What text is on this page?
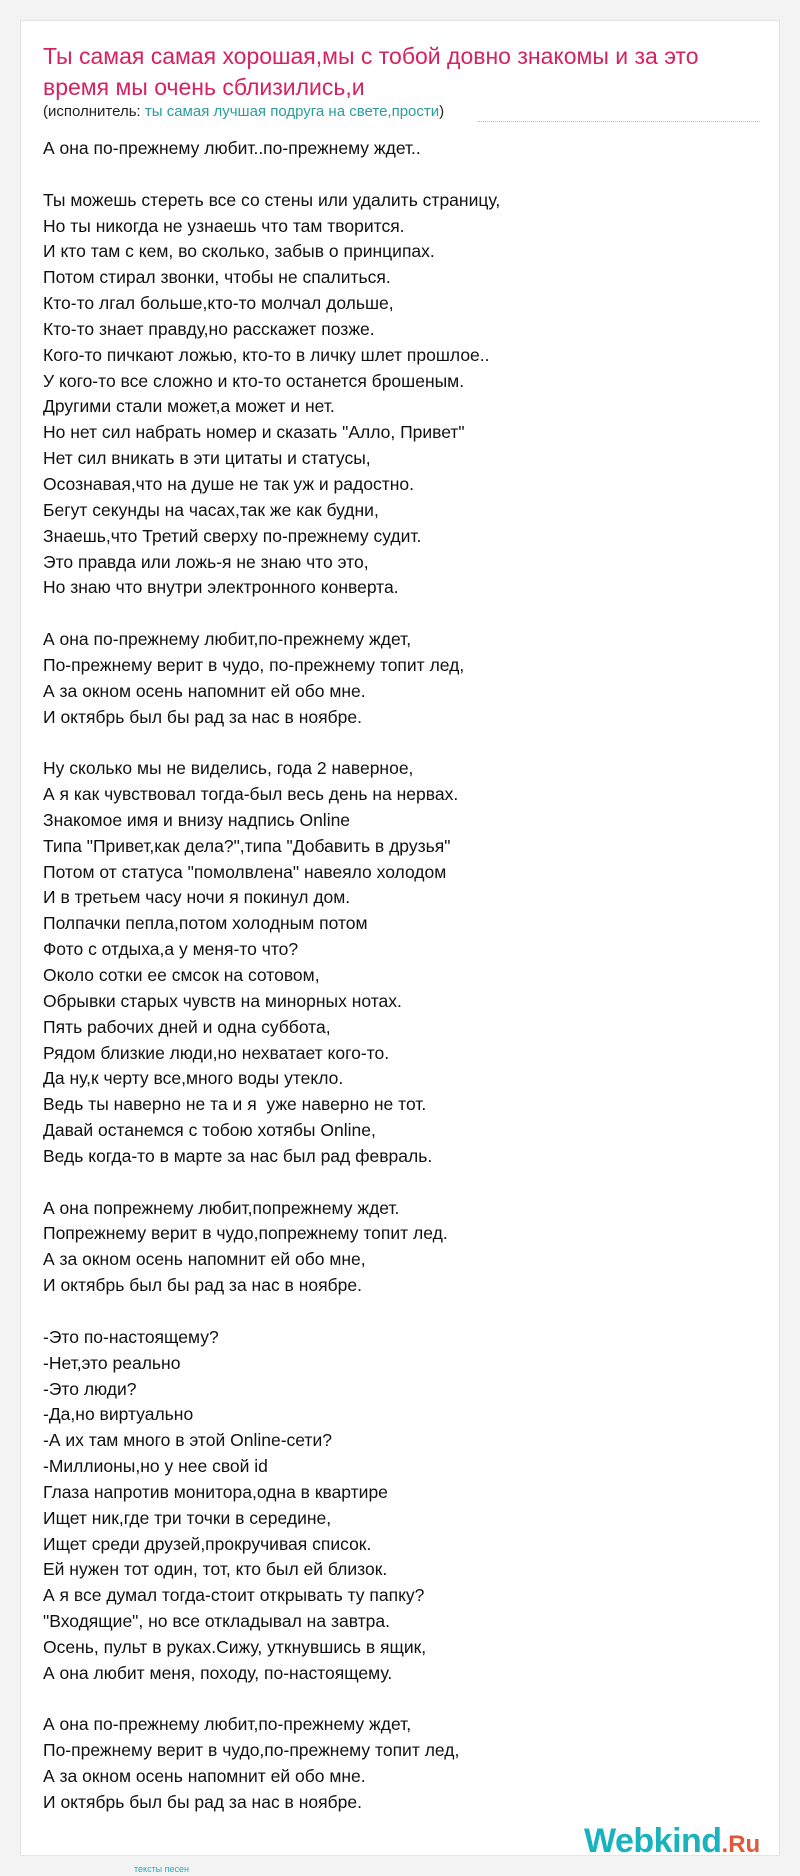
Ты самая самая хорошая,мы с тобой довно знакомы и за это время мы очень сблизились,и
(исполнитель: ты самая лучшая подруга на свете,прости)
А она по-прежнему любит..по-прежнему ждет..
Ты можешь стереть все со стены или удалить страницу,
Но ты никогда не узнаешь что там творится.
И кто там с кем, во сколько, забыв о принципах.
Потом стирал звонки, чтобы не спалиться.
Кто-то лгал больше,кто-то молчал дольше,
Кто-то знает правду,но расскажет позже.
Кого-то пичкают ложью, кто-то в личку шлет прошлое..
У кого-то все сложно и кто-то останется брошеным.
Другими стали может,а может и нет.
Но нет сил набрать номер и сказать "Алло, Привет"
Нет сил вникать в эти цитаты и статусы,
Осознавая,что на душе не так уж и радостно.
Бегут секунды на часах,так же как будни,
Знаешь,что Третий сверху по-прежнему судит.
Это правда или ложь-я не знаю что это,
Но знаю что внутри электронного конверта.
А она по-прежнему любит,по-прежнему ждет,
По-прежнему верит в чудо, по-прежнему топит лед,
А за окном осень напомнит ей обо мне.
И октябрь был бы рад за нас в ноябре.
Ну сколько мы не виделись, года 2 наверное,
А я как чувствовал тогда-был весь день на нервах.
Знакомое имя и внизу надпись Online
Типа "Привет,как дела?",типа "Добавить в друзья"
Потом от статуса "помолвлена" навеяло холодом
И в третьем часу ночи я покинул дом.
Полпачки пепла,потом холодным потом
Фото с отдыха,а у меня-то что?
Около сотки ее смсок на сотовом,
Обрывки старых чувств на минорных нотах.
Пять рабочих дней и одна суббота,
Рядом близкие люди,но нехватает кого-то.
Да ну,к черту все,много воды утекло.
Ведь ты наверно не та и я  уже наверно не тот.
Давай останемся с тобою хотябы Online,
Ведь когда-то в марте за нас был рад февраль.
А она попрежнему любит,попрежнему ждет.
Попрежнему верит в чудо,попрежнему топит лед.
А за окном осень напомнит ей обо мне,
И октябрь был бы рад за нас в ноябре.
-Это по-настоящему?
-Нет,это реально
-Это люди?
-Да,но виртуально
-А их там много в этой Online-сети?
-Миллионы,но у нее свой id
Глаза напротив монитора,одна в квартире
Ищет ник,где три точки в середине,
Ищет среди друзей,прокручивая список.
Ей нужен тот один, тот, кто был ей близок.
А я все думал тогда-стоит открывать ту папку?
"Входящие", но все откладывал на завтра.
Осень, пульт в руках.Сижу, уткнувшись в ящик,
А она любит меня, походу, по-настоящему.
А она по-прежнему любит,по-прежнему ждет,
По-прежнему верит в чудо,по-прежнему топит лед,
А за окном осень напомнит ей обо мне.
И октябрь был бы рад за нас в ноябре.
Webkind.Ru
тексты песен
